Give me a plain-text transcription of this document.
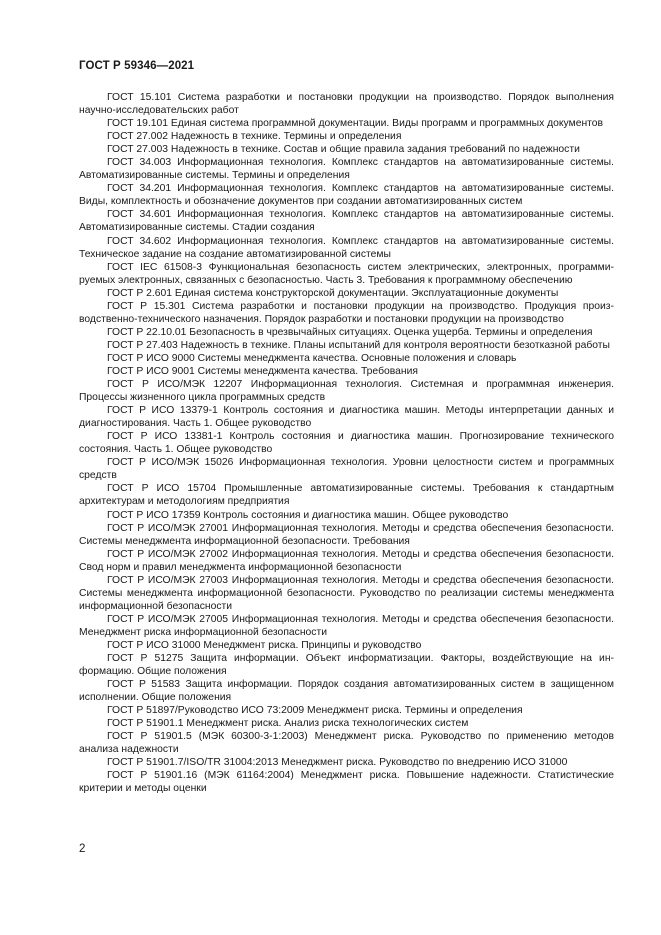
ГОСТ Р 59346—2021

ГОСТ 15.101 Система разработки и постановки продукции на производство. Порядок выполнения научно-исследовательских работ

ГОСТ 19.101 Единая система программной документации. Виды программ и программных документов

ГОСТ 27.002 Надежность в технике. Термины и определения

ГОСТ 27.003 Надежность в технике. Состав и общие правила задания требований по надежности

ГОСТ 34.003 Информационная технология. Комплекс стандартов на автоматизированные системы. Автоматизированные системы. Термины и определения

ГОСТ 34.201 Информационная технология. Комплекс стандартов на автоматизированные системы. Виды, комплектность и обозначение документов при создании автоматизированных систем

ГОСТ 34.601 Информационная технология. Комплекс стандартов на автоматизированные системы. Автоматизированные системы. Стадии создания

ГОСТ 34.602 Информационная технология. Комплекс стандартов на автоматизированные системы. Техническое задание на создание автоматизированной системы

ГОСТ IEC 61508-3 Функциональная безопасность систем электрических, электронных, программируемых электронных, связанных с безопасностью. Часть 3. Требования к программному обеспечению

ГОСТ Р 2.601 Единая система конструкторской документации. Эксплуатационные документы

ГОСТ Р 15.301 Система разработки и постановки продукции на производство. Продукция производственно-технического назначения. Порядок разработки и постановки продукции на производство

ГОСТ Р 22.10.01 Безопасность в чрезвычайных ситуациях. Оценка ущерба. Термины и определения

ГОСТ Р 27.403 Надежность в технике. Планы испытаний для контроля вероятности безотказной работы

ГОСТ Р ИСО 9000 Системы менеджмента качества. Основные положения и словарь

ГОСТ Р ИСО 9001 Системы менеджмента качества. Требования

ГОСТ Р ИСО/МЭК 12207 Информационная технология. Системная и программная инженерия. Процессы жизненного цикла программных средств

ГОСТ Р ИСО 13379-1 Контроль состояния и диагностика машин. Методы интерпретации данных и диагностирования. Часть 1. Общее руководство

ГОСТ Р ИСО 13381-1 Контроль состояния и диагностика машин. Прогнозирование технического состояния. Часть 1. Общее руководство

ГОСТ Р ИСО/МЭК 15026 Информационная технология. Уровни целостности систем и программных средств

ГОСТ Р ИСО 15704 Промышленные автоматизированные системы. Требования к стандартным архитектурам и методологиям предприятия

ГОСТ Р ИСО 17359 Контроль состояния и диагностика машин. Общее руководство

ГОСТ Р ИСО/МЭК 27001 Информационная технология. Методы и средства обеспечения безопасности. Системы менеджмента информационной безопасности. Требования

ГОСТ Р ИСО/МЭК 27002 Информационная технология. Методы и средства обеспечения безопасности. Свод норм и правил менеджмента информационной безопасности

ГОСТ Р ИСО/МЭК 27003 Информационная технология. Методы и средства обеспечения безопасности. Системы менеджмента информационной безопасности. Руководство по реализации системы менеджмента информационной безопасности

ГОСТ Р ИСО/МЭК 27005 Информационная технология. Методы и средства обеспечения безопасности. Менеджмент риска информационной безопасности

ГОСТ Р ИСО 31000 Менеджмент риска. Принципы и руководство

ГОСТ Р 51275 Защита информации. Объект информатизации. Факторы, воздействующие на информацию. Общие положения

ГОСТ Р 51583 Защита информации. Порядок создания автоматизированных систем в защищенном исполнении. Общие положения

ГОСТ Р 51897/Руководство ИСО 73:2009 Менеджмент риска. Термины и определения

ГОСТ Р 51901.1 Менеджмент риска. Анализ риска технологических систем

ГОСТ Р 51901.5 (МЭК 60300-3-1:2003) Менеджмент риска. Руководство по применению методов анализа надежности

ГОСТ Р 51901.7/ISO/TR 31004:2013 Менеджмент риска. Руководство по внедрению ИСО 31000

ГОСТ Р 51901.16 (МЭК 61164:2004) Менеджмент риска. Повышение надежности. Статистические критерии и методы оценки

2
